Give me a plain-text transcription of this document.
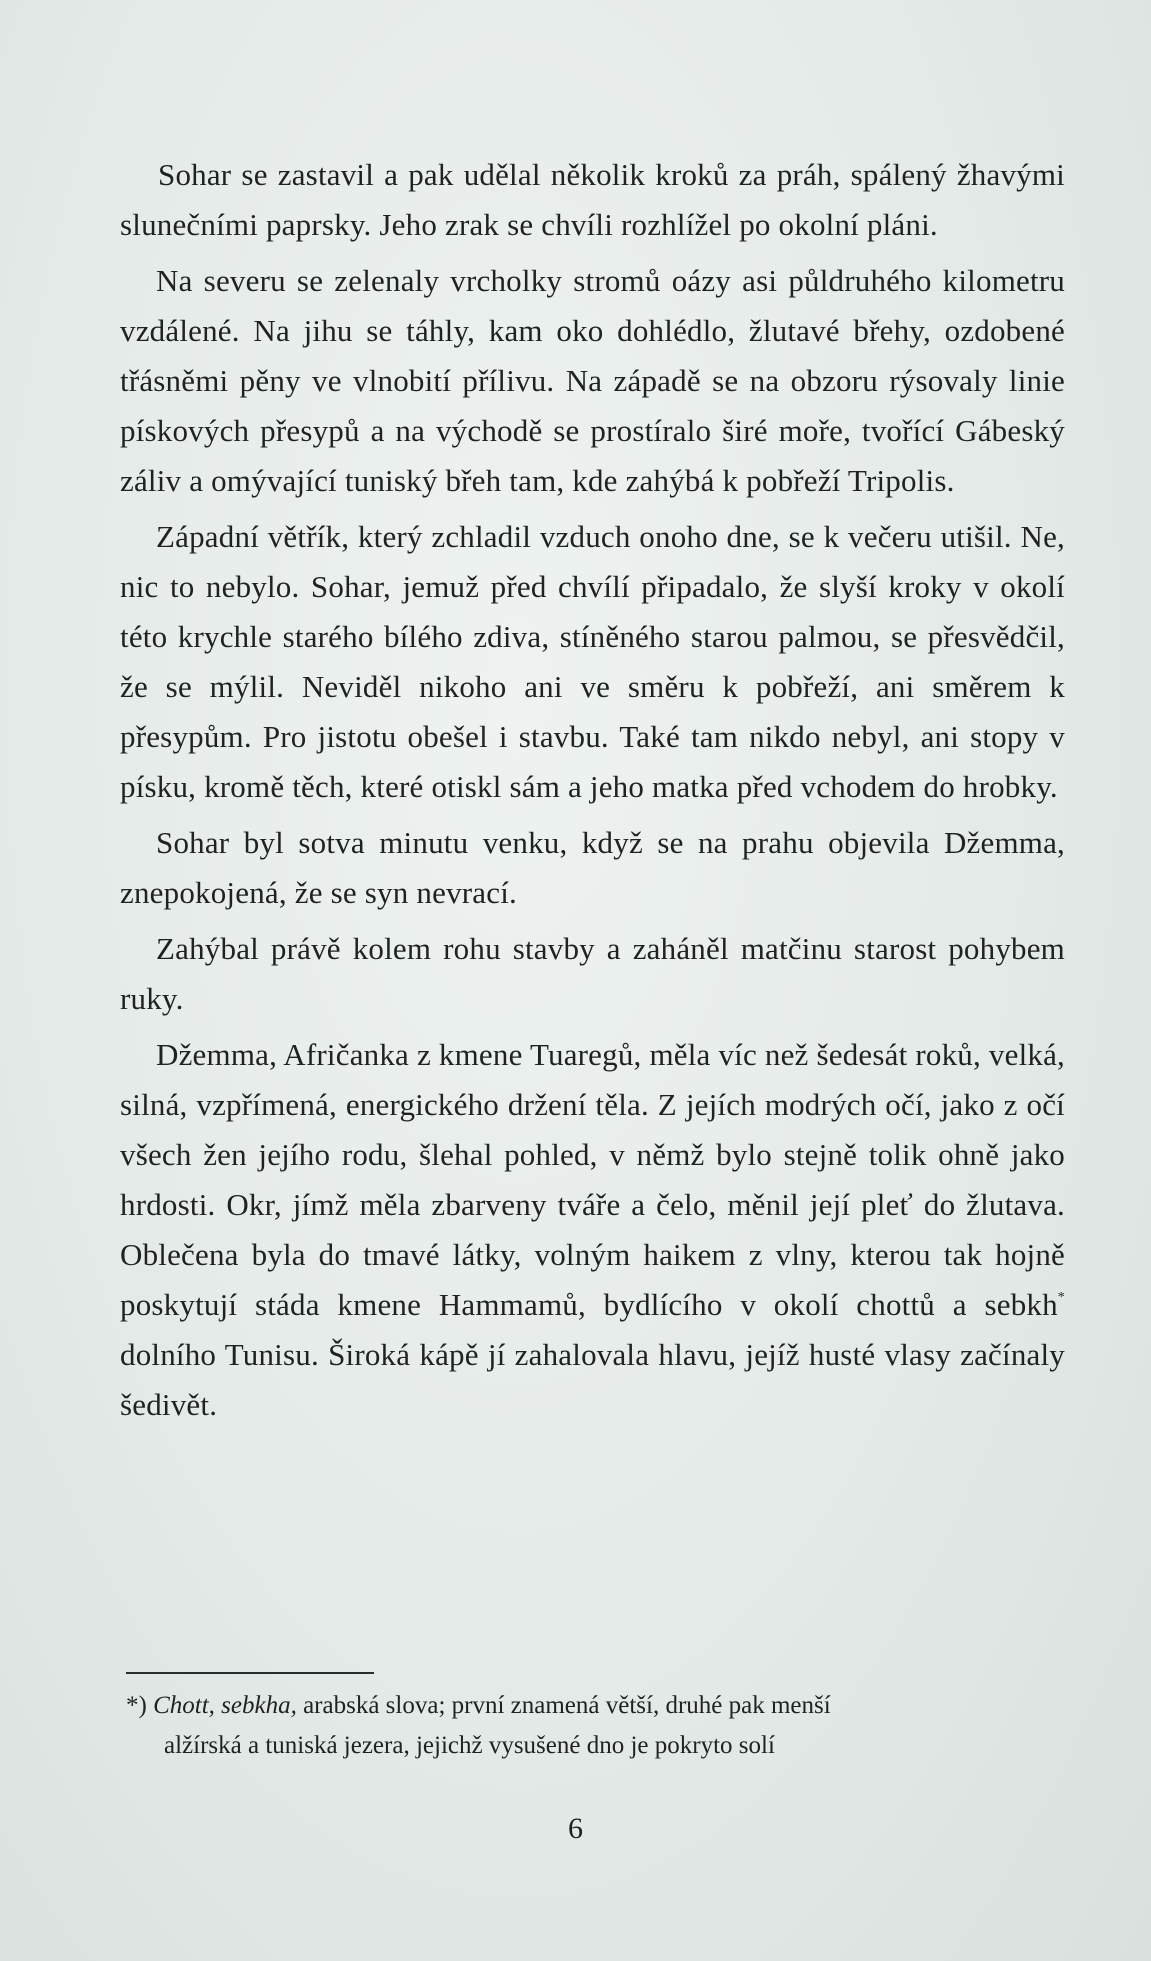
Sohar se zastavil a pak udělal několik kroků za práh, spálený žhavými slunečními paprsky. Jeho zrak se chvíli rozhlížel po okolní pláni.

Na severu se zelenaly vrcholky stromů oázy asi půldruhého kilometru vzdálené. Na jihu se táhly, kam oko dohlédlo, žlutavé břehy, ozdobené třásněmi pěny ve vlnobití přílivu. Na západě se na obzoru rýsovaly linie pískových přesypů a na východě se prostíralo širé moře, tvořící Gábeský záliv a omývající tuniský břeh tam, kde zahýbá k pobřeží Tripolis.

Západní větřík, který zchladil vzduch onoho dne, se k večeru utišil. Ne, nic to nebylo. Sohar, jemuž před chvílí připadalo, že slyší kroky v okolí této krychle starého bílého zdiva, stíněného starou palmou, se přesvědčil, že se mýlil. Neviděl nikoho ani ve směru k pobřeží, ani směrem k přesypům. Pro jistotu obešel i stavbu. Také tam nikdo nebyl, ani stopy v písku, kromě těch, které otiskl sám a jeho matka před vchodem do hrobky.

Sohar byl sotva minutu venku, když se na prahu objevila Džemma, znepokojená, že se syn nevrací.

Zahýbal právě kolem rohu stavby a zaháněl matčinu starost pohybem ruky.

Džemma, Afričanka z kmene Tuaregů, měla víc než šedesát roků, velká, silná, vzpřímená, energického držení těla. Z jejích modrých očí, jako z očí všech žen jejího rodu, šlehal pohled, v němž bylo stejně tolik ohně jako hrdosti. Okr, jímž měla zbarveny tváře a čelo, měnil její pleť do žlutava. Oblečena byla do tmavé látky, volným haikem z vlny, kterou tak hojně poskytují stáda kmene Hammamů, bydlícího v okolí chottů a sebkh* dolního Tunisu. Široká kápě jí zahalovala hlavu, jejíž husté vlasy začínaly šedivět.

*) Chott, sebkha, arabská slova; první znamená větší, druhé pak menší
alžírská a tuniská jezera, jejichž vysušené dno je pokryto solí
6
